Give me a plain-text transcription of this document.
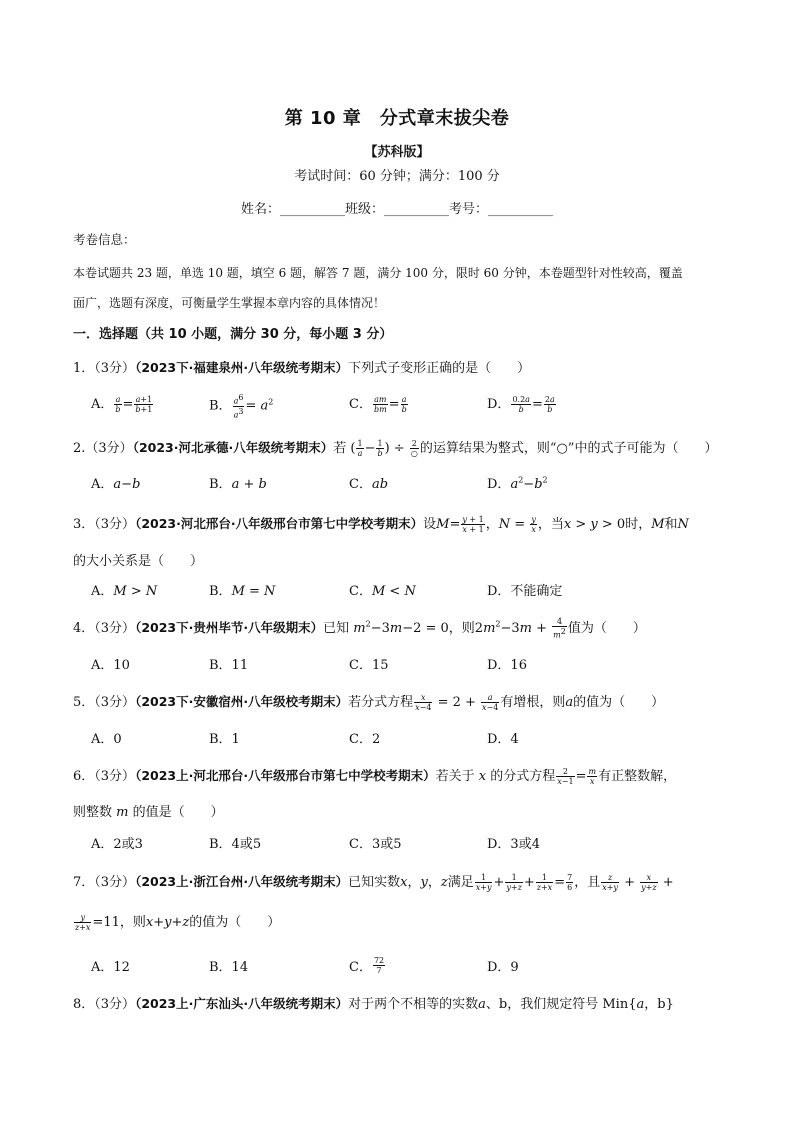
第 10 章　分式章末拔尖卷
【苏科版】
考试时间：60 分钟；满分：100 分
姓名：__________班级：__________考号：__________
考卷信息：
本卷试题共 23 题，单选 10 题，填空 6 题，解答 7 题，满分 100 分，限时 60 分钟，本卷题型针对性较高，覆盖
面广，选题有深度，可衡量学生掌握本章内容的具体情况！
一．选择题（共 10 小题，满分 30 分，每小题 3 分）
1．（3分）（2023下·福建泉州·八年级统考期末）下列式子变形正确的是（　　）
A． $\frac{a}{b} = \frac{a+1}{b+1}$	B． $\frac{a^6}{a^3} = a^2$	C． $\frac{am}{bm} = \frac{a}{b}$	D． $\frac{0.2a}{b} = \frac{2a}{b}$
2.（3分）（2023·河北承德·八年级统考期末）若 ( $\frac{1}{a} - \frac{1}{b}$ ) ÷ $\frac{2}{○}$ 的运算结果为整式，则“○”中的式子可能为（　　）
A．a−b	B．a + b	C．ab	D．$a^2-b^2$
3．（3分）（2023·河北邢台·八年级邢台市第七中学校考期末）设$M= \frac{y + 1}{x + 1}$ ，$N = \frac{y}{x}$ ，当x > y > 0时，M和N
的大小关系是（　　）
A．M > N	B．M = N	C．M < N	D．不能确定
4．（3分）（2023下·贵州毕节·八年级期末）已知 $m^2-3m-2 = 0$，则$2m^2-3m + \frac{4}{m^2}$ 值为（　　）
A．10	B．11	C．15	D．16
5．（3分）（2023下·安徽宿州·八年级校考期末）若分式方程 $\frac{x}{x-4} = 2 + \frac{a}{x-4}$ 有增根，则a的值为（　　）
A．0	B．1	C．2	D．4
6．（3分）（2023上·河北邢台·八年级邢台市第七中学校考期末）若关于 x 的分式方程 $\frac{2}{x-1} = \frac{m}{x}$ 有正整数解，
则整数 m 的值是（　　）
A．2或3	B．4或5	C．3或5	D．3或4
7．（3分）（2023上·浙江台州·八年级统考期末）已知实数x，y，z满足 $\frac{1}{x+y} + \frac{1}{y+z} + \frac{1}{z+x} = \frac{7}{6}$ ，且 $\frac{z}{x+y} + \frac{x}{y+z}$ +
$\frac{y}{z+x} =11$，则x+y+z的值为（　　）
A．12	B．14	C． $\frac{72}{7}$	D．9
8．（3分）（2023上·广东汕头·八年级统考期末）对于两个不相等的实数a、b，我们规定符号 Min{a，b}
